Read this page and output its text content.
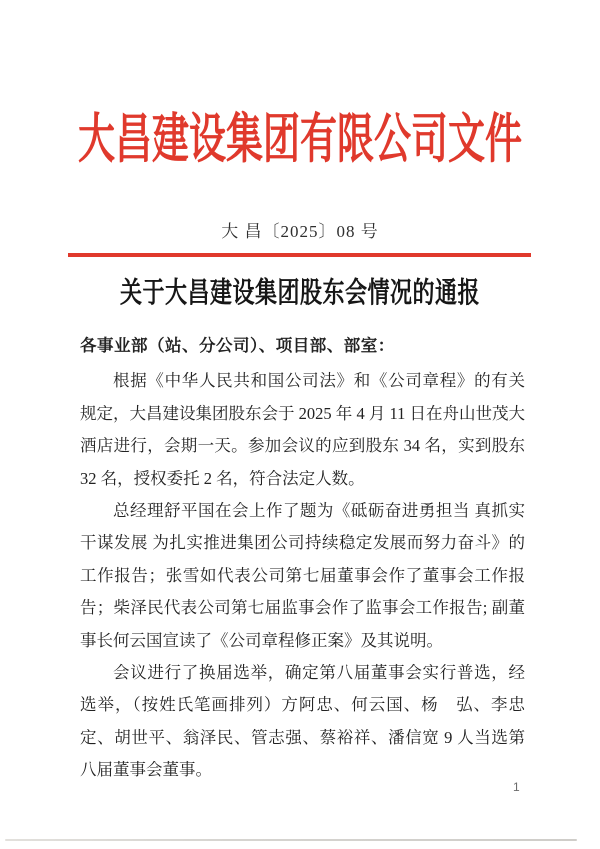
大昌建设集团有限公司文件
大 昌〔2025〕08 号
关于大昌建设集团股东会情况的通报
各事业部（站、分公司）、项目部、部室：

根据《中华人民共和国公司法》和《公司章程》的有关规定，大昌建设集团股东会于 2025 年 4 月 11 日在舟山世茂大酒店进行，会期一天。参加会议的应到股东 34 名，实到股东 32 名，授权委托 2 名，符合法定人数。

总经理舒平国在会上作了题为《砥砺奋进勇担当 真抓实干谋发展 为扎实推进集团公司持续稳定发展而努力奋斗》的工作报告；张雪如代表公司第七届董事会作了董事会工作报告；柴泽民代表公司第七届监事会作了监事会工作报告; 副董事长何云国宣读了《公司章程修正案》及其说明。

会议进行了换届选举，确定第八届董事会实行普选，经选举，（按姓氏笔画排列）方阿忠、何云国、杨　弘、李忠定、胡世平、翁泽民、管志强、蔡裕祥、潘信宽 9 人当选第八届董事会董事。

1
